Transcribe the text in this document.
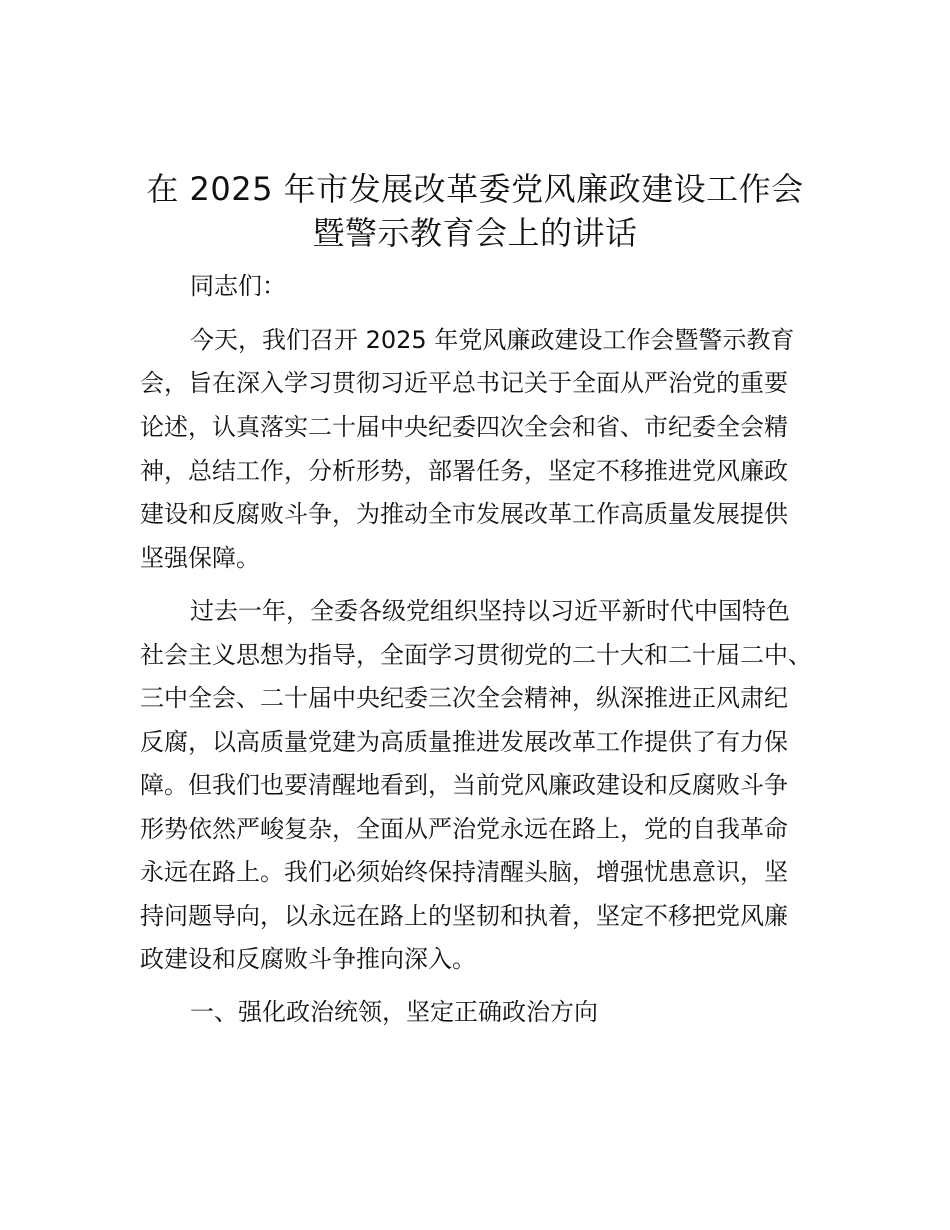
在 2025 年市发展改革委党风廉政建设工作会
暨警示教育会上的讲话
同志们：
今天，我们召开 2025 年党风廉政建设工作会暨警示教育
会，旨在深入学习贯彻习近平总书记关于全面从严治党的重要
论述，认真落实二十届中央纪委四次全会和省、市纪委全会精
神，总结工作，分析形势，部署任务，坚定不移推进党风廉政
建设和反腐败斗争，为推动全市发展改革工作高质量发展提供
坚强保障。
过去一年，全委各级党组织坚持以习近平新时代中国特色
社会主义思想为指导，全面学习贯彻党的二十大和二十届二中、
三中全会、二十届中央纪委三次全会精神，纵深推进正风肃纪
反腐，以高质量党建为高质量推进发展改革工作提供了有力保
障。但我们也要清醒地看到，当前党风廉政建设和反腐败斗争
形势依然严峻复杂，全面从严治党永远在路上，党的自我革命
永远在路上。我们必须始终保持清醒头脑，增强忧患意识，坚
持问题导向，以永远在路上的坚韧和执着，坚定不移把党风廉
政建设和反腐败斗争推向深入。
一、强化政治统领，坚定正确政治方向
